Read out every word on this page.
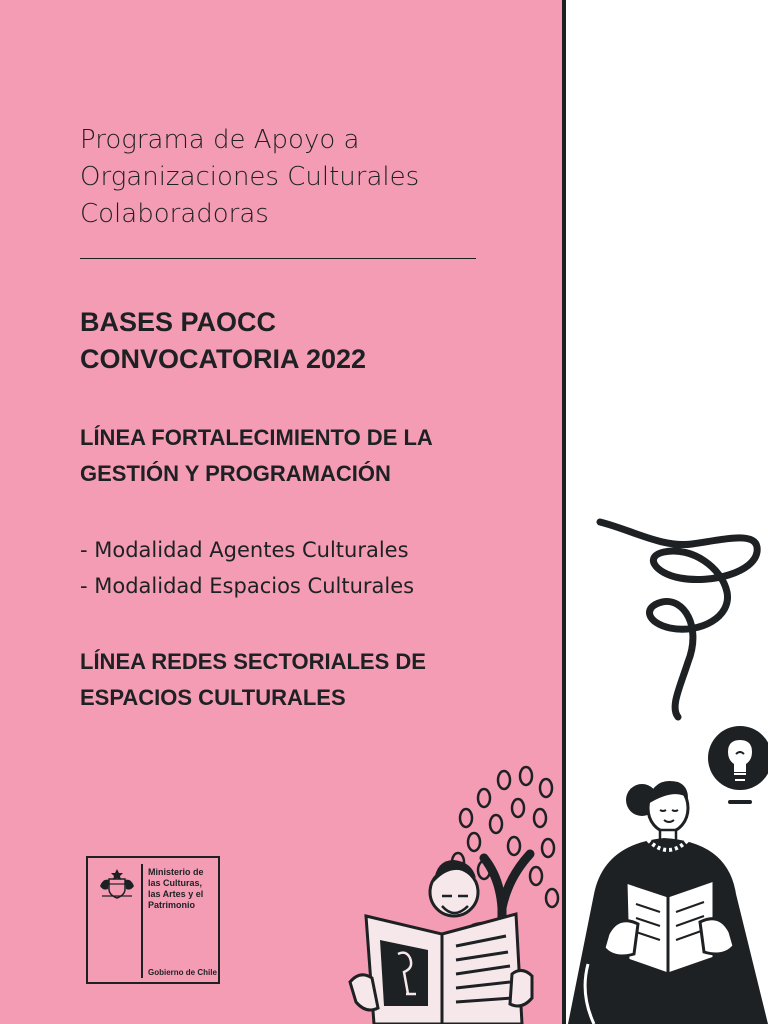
Programa de Apoyo a
Organizaciones Culturales
Colaboradoras
BASES PAOCC
CONVOCATORIA 2022
LÍNEA FORTALECIMIENTO DE LA
GESTIÓN Y PROGRAMACIÓN
- Modalidad Agentes Culturales
- Modalidad Espacios Culturales
LÍNEA REDES SECTORIALES DE
ESPACIOS CULTURALES
Ministerio de
las Culturas,
las Artes y el
Patrimonio
Gobierno de Chile
